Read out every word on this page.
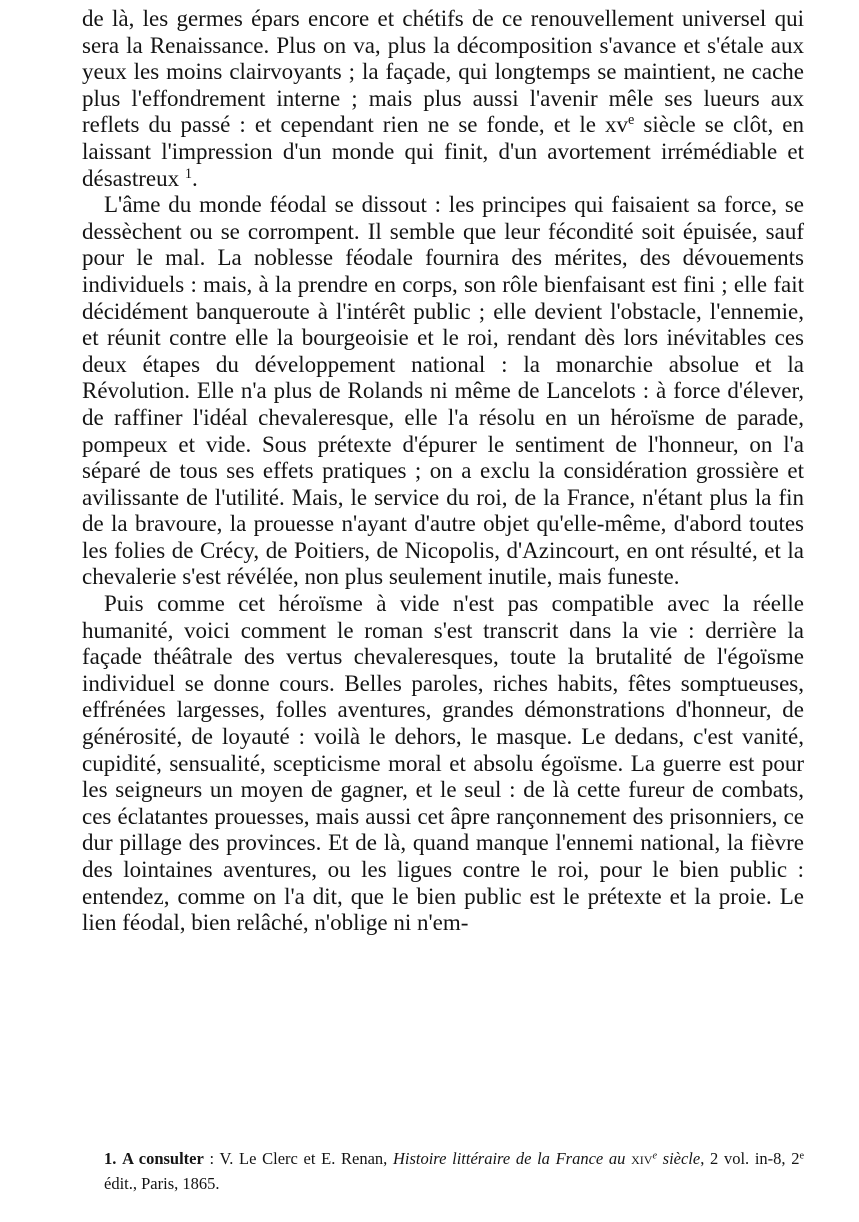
de là, les germes épars encore et chétifs de ce renouvellement universel qui sera la Renaissance. Plus on va, plus la décomposition s'avance et s'étale aux yeux les moins clairvoyants ; la façade, qui longtemps se maintient, ne cache plus l'effondrement interne ; mais plus aussi l'avenir mêle ses lueurs aux reflets du passé : et cependant rien ne se fonde, et le $xv^e$ siècle se clôt, en laissant l'impression d'un monde qui finit, d'un avortement irrémédiable et désastreux $^1$.

L'âme du monde féodal se dissout : les principes qui faisaient sa force, se dessèchent ou se corrompent. Il semble que leur fécondité soit épuisée, sauf pour le mal. La noblesse féodale fournira des mérites, des dévouements individuels : mais, à la prendre en corps, son rôle bienfaisant est fini ; elle fait décidément banqueroute à l'intérêt public ; elle devient l'obstacle, l'ennemie, et réunit contre elle la bourgeoisie et le roi, rendant dès lors inévitables ces deux étapes du développement national : la monarchie absolue et la Révolution. Elle n'a plus de Rolands ni même de Lancelots : à force d'élever, de raffiner l'idéal chevaleresque, elle l'a résolu en un héroïsme de parade, pompeux et vide. Sous prétexte d'épurer le sentiment de l'honneur, on l'a séparé de tous ses effets pratiques ; on a exclu la considération grossière et avilissante de l'utilité. Mais, le service du roi, de la France, n'étant plus la fin de la bravoure, la prouesse n'ayant d'autre objet qu'elle-même, d'abord toutes les folies de Crécy, de Poitiers, de Nicopolis, d'Azincourt, en ont résulté, et la chevalerie s'est révélée, non plus seulement inutile, mais funeste.

Puis comme cet héroïsme à vide n'est pas compatible avec la réelle humanité, voici comment le roman s'est transcrit dans la vie : derrière la façade théâtrale des vertus chevaleresques, toute la brutalité de l'égoïsme individuel se donne cours. Belles paroles, riches habits, fêtes somptueuses, effrénées largesses, folles aventures, grandes démonstrations d'honneur, de générosité, de loyauté : voilà le dehors, le masque. Le dedans, c'est vanité, cupidité, sensualité, scepticisme moral et absolu égoïsme. La guerre est pour les seigneurs un moyen de gagner, et le seul : de là cette fureur de combats, ces éclatantes prouesses, mais aussi cet âpre rançonnement des prisonniers, ce dur pillage des provinces. Et de là, quand manque l'ennemi national, la fièvre des lointaines aventures, ou les ligues contre le roi, pour le bien public : entendez, comme on l'a dit, que le bien public est le prétexte et la proie. Le lien féodal, bien relâché, n'oblige ni n'em-

1. A consulter : V. Le Clerc et E. Renan, Histoire littéraire de la France au xiv$^e$ siècle, 2 vol. in-8, 2e édit., Paris, 1865.
